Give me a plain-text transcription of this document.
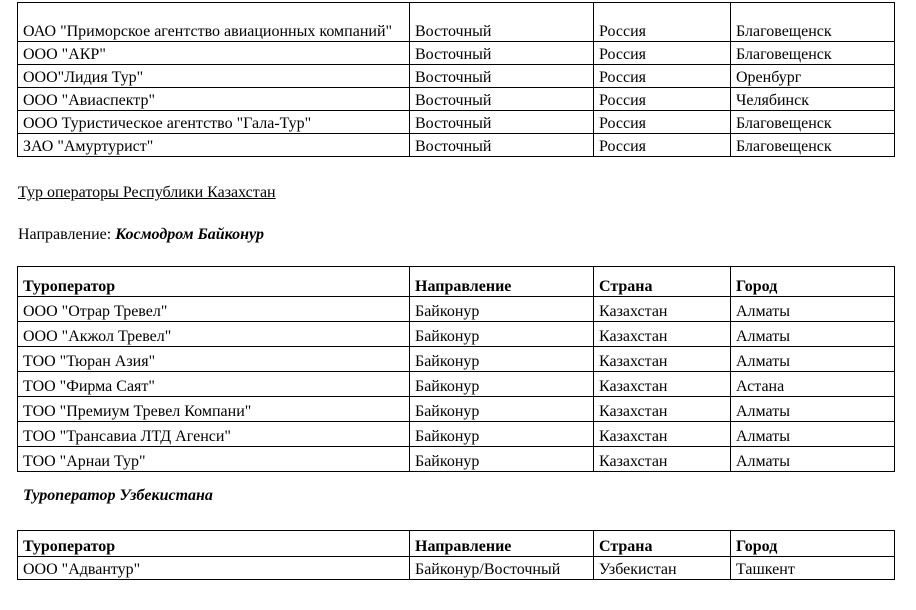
ОАО "Приморское агентство авиационных компаний"	Восточный	Россия	Благовещенск
ООО "АКР"	Восточный	Россия	Благовещенск
ООО"Лидия Тур"	Восточный	Россия	Оренбург
ООО "Авиаспектр"	Восточный	Россия	Челябинск
ООО Туристическое агентство "Гала-Тур"	Восточный	Россия	Благовещенск
ЗАО "Амуртурист"	Восточный	Россия	Благовещенск
Тур операторы Республики Казахстан
Направление: Космодром Байконур
Туроператор	Направление	Страна	Город
ООО "Отрар Тревел"	Байконур	Казахстан	Алматы
ООО "Акжол Тревел"	Байконур	Казахстан	Алматы
ТОО "Тюран Азия"	Байконур	Казахстан	Алматы
ТОО "Фирма Саят"	Байконур	Казахстан	Астана
ТОО "Премиум Тревел Компани"	Байконур	Казахстан	Алматы
ТОО "Трансавиа ЛТД Агенси"	Байконур	Казахстан	Алматы
ТОО "Арнаи Тур"	Байконур	Казахстан	Алматы
Туроператор Узбекистана
Туроператор	Направление	Страна	Город
ООО "Адвантур"	Байконур/Восточный	Узбекистан	Ташкент
